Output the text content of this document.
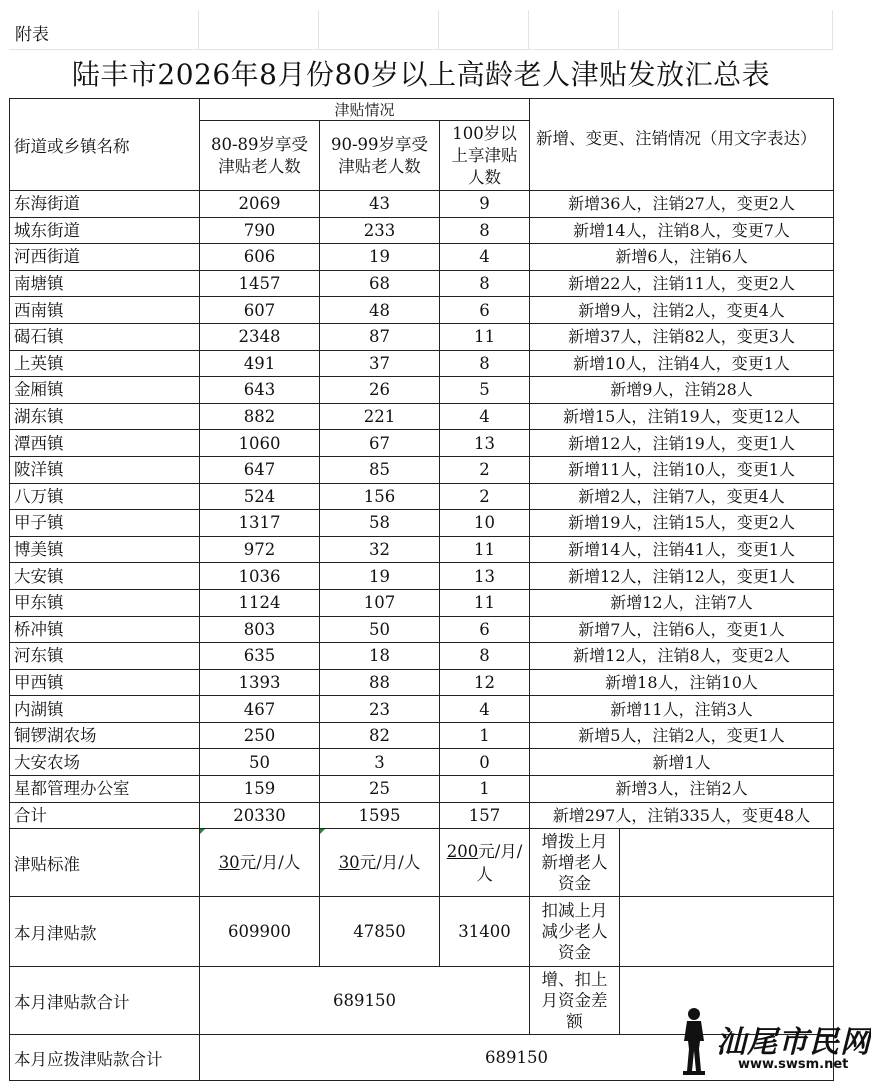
附表
陆丰市2026年8月份80岁以上高龄老人津贴发放汇总表
街道或乡镇名称	津贴情况			新增、变更、注销情况（用文字表达）	
	80-89岁享受津贴老人数	90-99岁享受津贴老人数	100岁以上享津贴人数		
东海街道	2069	43	9	新增36人，注销27人，变更2人	
城东街道	790	233	8	新增14人，注销8人，变更7人	
河西街道	606	19	4	新增6人，注销6人	
南塘镇	1457	68	8	新增22人，注销11人，变更2人	
西南镇	607	48	6	新增9人，注销2人，变更4人	
碣石镇	2348	87	11	新增37人，注销82人，变更3人	
上英镇	491	37	8	新增10人，注销4人，变更1人	
金厢镇	643	26	5	新增9人，注销28人	
湖东镇	882	221	4	新增15人，注销19人，变更12人	
潭西镇	1060	67	13	新增12人，注销19人，变更1人	
陂洋镇	647	85	2	新增11人，注销10人，变更1人	
八万镇	524	156	2	新增2人，注销7人，变更4人	
甲子镇	1317	58	10	新增19人，注销15人，变更2人	
博美镇	972	32	11	新增14人，注销41人，变更1人	
大安镇	1036	19	13	新增12人，注销12人，变更1人	
甲东镇	1124	107	11	新增12人，注销7人	
桥冲镇	803	50	6	新增7人，注销6人，变更1人	
河东镇	635	18	8	新增12人，注销8人，变更2人	
甲西镇	1393	88	12	新增18人，注销10人	
内湖镇	467	23	4	新增11人，注销3人	
铜锣湖农场	250	82	1	新增5人，注销2人，变更1人	
大安农场	50	3	0	新增1人	
星都管理办公室	159	25	1	新增3人，注销2人	
合计	20330	1595	157	新增297人，注销335人，变更48人	
津贴标准	30元/月/人	30元/月/人	200元/月/人	增拨上月新增老人资金	
本月津贴款	609900	47850	31400	扣减上月减少老人资金	
本月津贴款合计	689150			增、扣上月资金差额	
本月应拨津贴款合计	689150					汕尾市民网
www.swsm.net
